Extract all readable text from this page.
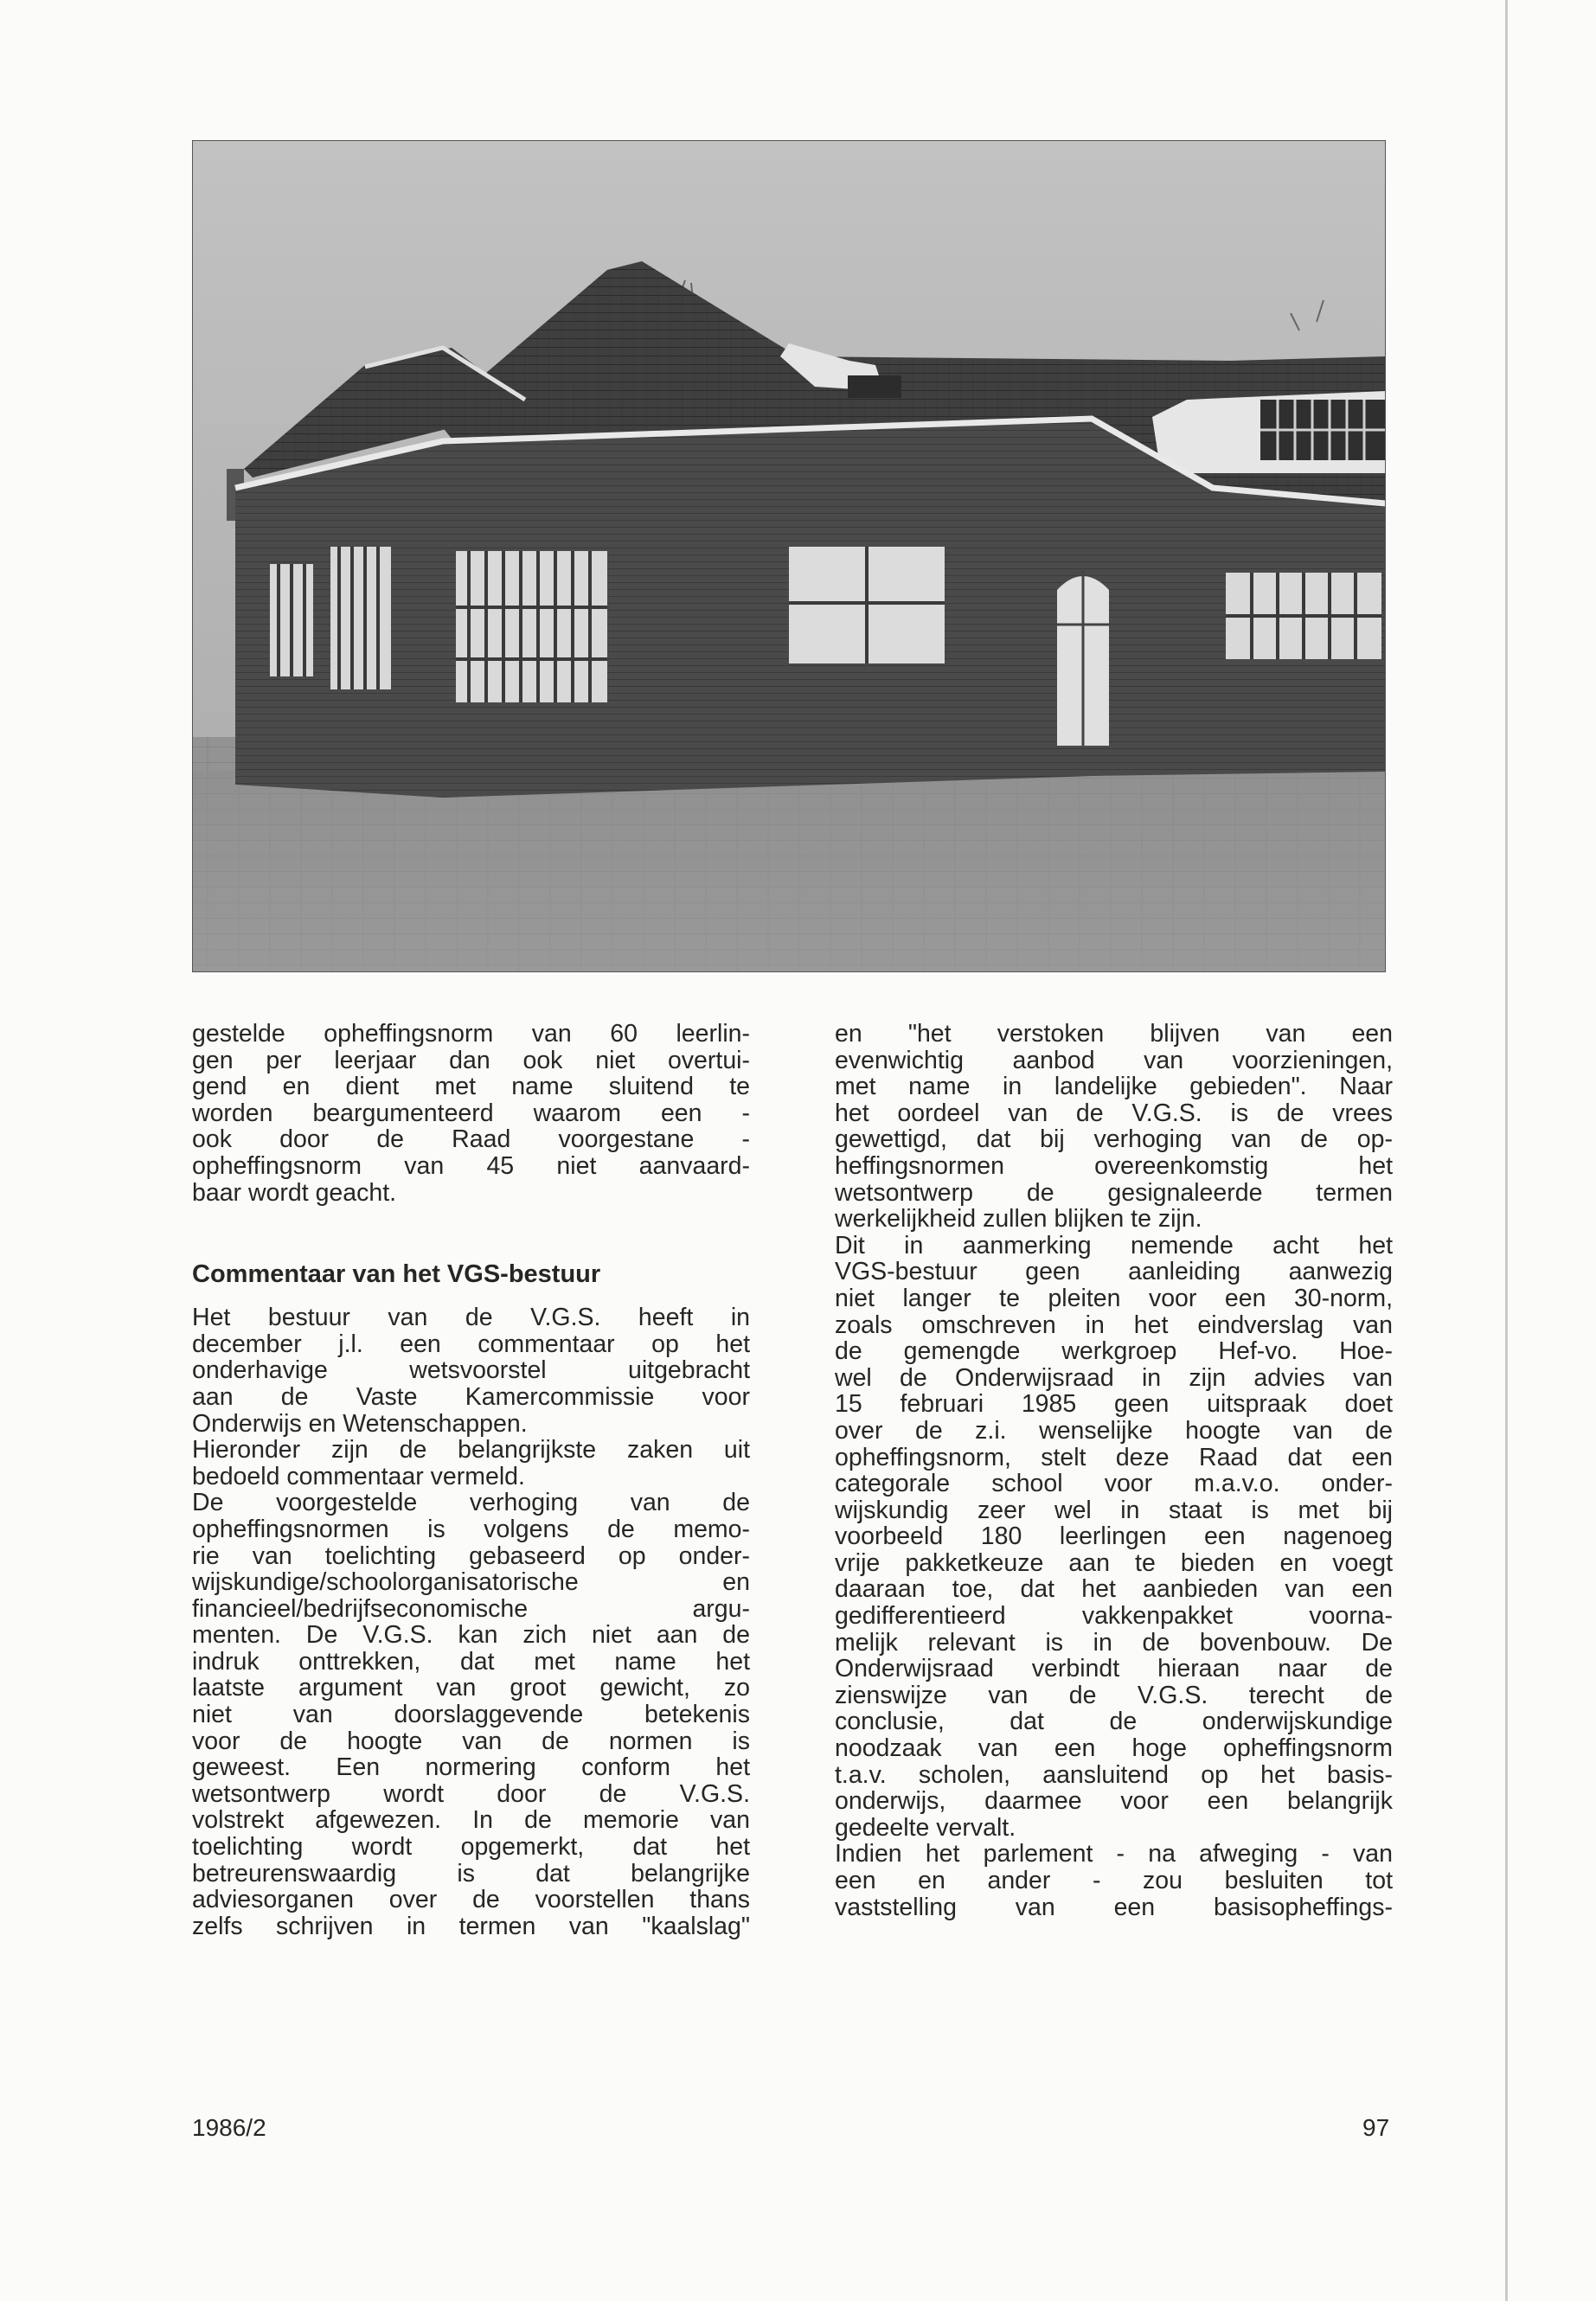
gestelde opheffingsnorm van 60 leerlin-

gen per leerjaar dan ook niet overtui-

gend en dient met name sluitend te

worden beargumenteerd waarom een -

ook door de Raad voorgestane -

opheffingsnorm van 45 niet aanvaard-

baar wordt geacht.

Commentaar van het VGS-bestuur

Het bestuur van de V.G.S. heeft in

december j.l. een commentaar op het

onderhavige wetsvoorstel uitgebracht

aan de Vaste Kamercommissie voor

Onderwijs en Wetenschappen.

Hieronder zijn de belangrijkste zaken uit

bedoeld commentaar vermeld.

De voorgestelde verhoging van de

opheffingsnormen is volgens de memo-

rie van toelichting gebaseerd op onder-

wijskundige/schoolorganisatorische en

financieel/bedrijfseconomische argu-

menten. De V.G.S. kan zich niet aan de

indruk onttrekken, dat met name het

laatste argument van groot gewicht, zo

niet van doorslaggevende betekenis

voor de hoogte van de normen is

geweest. Een normering conform het

wetsontwerp wordt door de V.G.S.

volstrekt afgewezen. In de memorie van

toelichting wordt opgemerkt, dat het

betreurenswaardig is dat belangrijke

adviesorganen over de voorstellen thans

zelfs schrijven in termen van "kaalslag"

en "het verstoken blijven van een

evenwichtig aanbod van voorzieningen,

met name in landelijke gebieden". Naar

het oordeel van de V.G.S. is de vrees

gewettigd, dat bij verhoging van de op-

heffingsnormen overeenkomstig het

wetsontwerp de gesignaleerde termen

werkelijkheid zullen blijken te zijn.

Dit in aanmerking nemende acht het

VGS-bestuur geen aanleiding aanwezig

niet langer te pleiten voor een 30-norm,

zoals omschreven in het eindverslag van

de gemengde werkgroep Hef-vo. Hoe-

wel de Onderwijsraad in zijn advies van

15 februari 1985 geen uitspraak doet

over de z.i. wenselijke hoogte van de

opheffingsnorm, stelt deze Raad dat een

categorale school voor m.a.v.o. onder-

wijskundig zeer wel in staat is met bij

voorbeeld 180 leerlingen een nagenoeg

vrije pakketkeuze aan te bieden en voegt

daaraan toe, dat het aanbieden van een

gedifferentieerd vakkenpakket voorna-

melijk relevant is in de bovenbouw. De

Onderwijsraad verbindt hieraan naar de

zienswijze van de V.G.S. terecht de

conclusie, dat de onderwijskundige

noodzaak van een hoge opheffingsnorm

t.a.v. scholen, aansluitend op het basis-

onderwijs, daarmee voor een belangrijk

gedeelte vervalt.

Indien het parlement - na afweging - van

een en ander - zou besluiten tot

vaststelling van een basisopheffings-

1986/2	97
